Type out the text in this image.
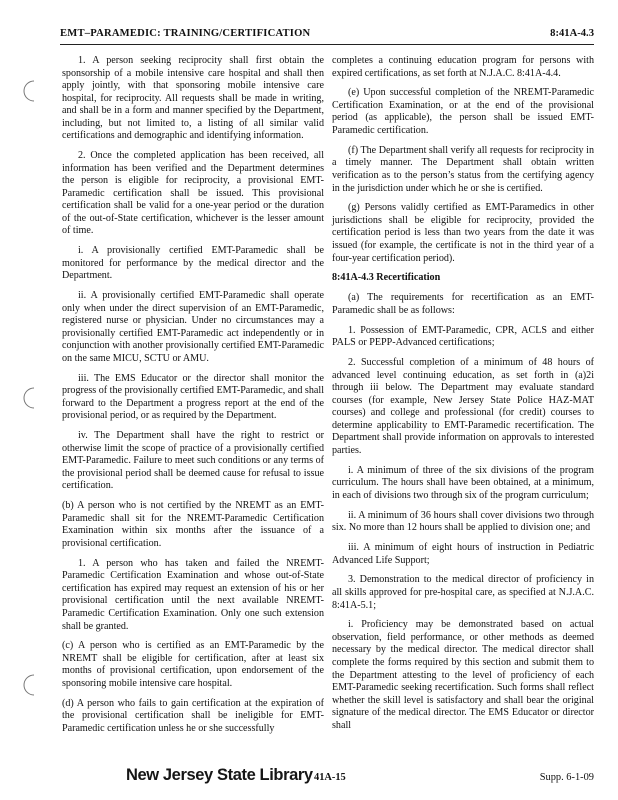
EMT–PARAMEDIC: TRAINING/CERTIFICATION	8:41A-4.3

1. A person seeking reciprocity shall first obtain the sponsorship of a mobile intensive care hospital and shall then apply jointly, with that sponsoring mobile intensive care hospital, for reciprocity. All requests shall be made in writing, and shall be in a form and manner specified by the Department, including, but not limited to, a listing of all similar valid certifications and demographic and identifying information.

2. Once the completed application has been received, all information has been verified and the Department determines the person is eligible for reciprocity, a provisional EMT-Paramedic certification shall be issued. This provisional certification shall be valid for a one-year period or the duration of the out-of-State certification, whichever is the lesser amount of time.

i. A provisionally certified EMT-Paramedic shall be monitored for performance by the medical director and the Department.

ii. A provisionally certified EMT-Paramedic shall operate only when under the direct supervision of an EMT-Paramedic, registered nurse or physician. Under no circumstances may a provisionally certified EMT-Paramedic act independently or in conjunction with another provisionally certified EMT-Paramedic on the same MICU, SCTU or AMU.

iii. The EMS Educator or the director shall monitor the progress of the provisionally certified EMT-Paramedic, and shall forward to the Department a progress report at the end of the provisional period, or as required by the Department.

iv. The Department shall have the right to restrict or otherwise limit the scope of practice of a provisionally certified EMT-Paramedic. Failure to meet such conditions or any terms of the provisional period shall be deemed cause for refusal to issue certification.

(b) A person who is not certified by the NREMT as an EMT-Paramedic shall sit for the NREMT-Paramedic Certification Examination within six months after the issuance of a provisional certification.

1. A person who has taken and failed the NREMT-Paramedic Certification Examination and whose out-of-State certification has expired may request an extension of his or her provisional certification until the next available NREMT-Paramedic Certification Examination. Only one such extension shall be granted.

(c) A person who is certified as an EMT-Paramedic by the NREMT shall be eligible for certification, after at least six months of provisional certification, upon endorsement of the sponsoring mobile intensive care hospital.

(d) A person who fails to gain certification at the expiration of the provisional certification shall be ineligible for EMT-Paramedic certification unless he or she successfully

completes a continuing education program for persons with expired certifications, as set forth at N.J.A.C. 8:41A-4.4.

(e) Upon successful completion of the NREMT-Paramedic Certification Examination, or at the end of the provisional period (as applicable), the person shall be issued EMT-Paramedic certification.

(f) The Department shall verify all requests for reciprocity in a timely manner. The Department shall obtain written verification as to the person’s status from the certifying agency in the jurisdiction under which he or she is certified.

(g) Persons validly certified as EMT-Paramedics in other jurisdictions shall be eligible for reciprocity, provided the certification period is less than two years from the date it was issued (for example, the certificate is not in the third year of a four-year certification period).

8:41A-4.3 Recertification

(a) The requirements for recertification as an EMT-Paramedic shall be as follows:

1. Possession of EMT-Paramedic, CPR, ACLS and either PALS or PEPP-Advanced certifications;

2. Successful completion of a minimum of 48 hours of advanced level continuing education, as set forth in (a)2i through iii below. The Department may evaluate standard courses (for example, New Jersey State Police HAZ-MAT courses) and college and professional (for credit) courses to determine applicability to EMT-Paramedic recertification. The Department shall provide information on approvals to interested parties.

i. A minimum of three of the six divisions of the program curriculum. The hours shall have been obtained, at a minimum, in each of divisions two through six of the program curriculum;

ii. A minimum of 36 hours shall cover divisions two through six. No more than 12 hours shall be applied to division one; and

iii. A minimum of eight hours of instruction in Pediatric Advanced Life Support;

3. Demonstration to the medical director of proficiency in all skills approved for pre-hospital care, as specified at N.J.A.C. 8:41A-5.1;

i. Proficiency may be demonstrated based on actual observation, field performance, or other methods as deemed necessary by the medical director. The medical director shall complete the forms required by this section and submit them to the Department attesting to the level of proficiency of each EMT-Paramedic seeking recertification. Such forms shall reflect whether the skill level is satisfactory and shall bear the original signature of the medical director. The EMS Educator or director shall

New Jersey State Library 41A-15	Supp. 6-1-09
